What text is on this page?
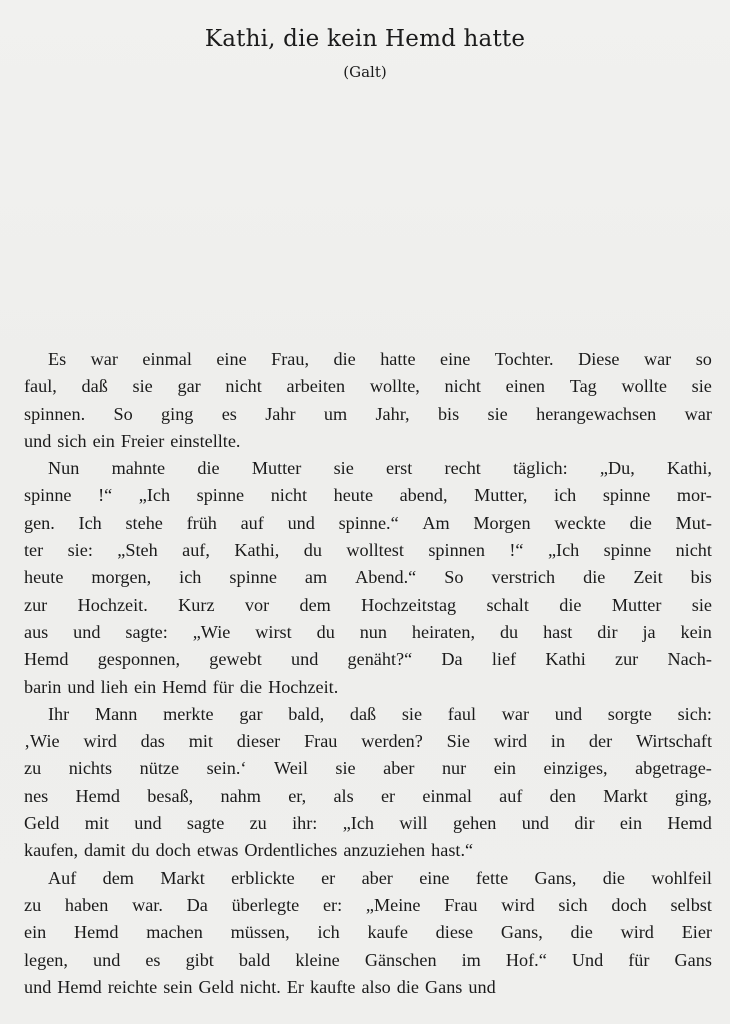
Kathi, die kein Hemd hatte
(Galt)
Es war einmal eine Frau, die hatte eine Tochter. Diese war so
faul, daß sie gar nicht arbeiten wollte, nicht einen Tag wollte sie
spinnen. So ging es Jahr um Jahr, bis sie herangewachsen war
und sich ein Freier einstellte.
Nun mahnte die Mutter sie erst recht täglich: „Du, Kathi,
spinne !“ „Ich spinne nicht heute abend, Mutter, ich spinne mor-
gen. Ich stehe früh auf und spinne.“ Am Morgen weckte die Mut-
ter sie: „Steh auf, Kathi, du wolltest spinnen !“ „Ich spinne nicht
heute morgen, ich spinne am Abend.“ So verstrich die Zeit bis
zur Hochzeit. Kurz vor dem Hochzeitstag schalt die Mutter sie
aus und sagte: „Wie wirst du nun heiraten, du hast dir ja kein
Hemd gesponnen, gewebt und genäht?“ Da lief Kathi zur Nach-
barin und lieh ein Hemd für die Hochzeit.
Ihr Mann merkte gar bald, daß sie faul war und sorgte sich:
‚Wie wird das mit dieser Frau werden? Sie wird in der Wirtschaft
zu nichts nütze sein.‘ Weil sie aber nur ein einziges, abgetrage-
nes Hemd besaß, nahm er, als er einmal auf den Markt ging,
Geld mit und sagte zu ihr: „Ich will gehen und dir ein Hemd
kaufen, damit du doch etwas Ordentliches anzuziehen hast.“
Auf dem Markt erblickte er aber eine fette Gans, die wohlfeil
zu haben war. Da überlegte er: „Meine Frau wird sich doch selbst
ein Hemd machen müssen, ich kaufe diese Gans, die wird Eier
legen, und es gibt bald kleine Gänschen im Hof.“ Und für Gans
und Hemd reichte sein Geld nicht. Er kaufte also die Gans und
